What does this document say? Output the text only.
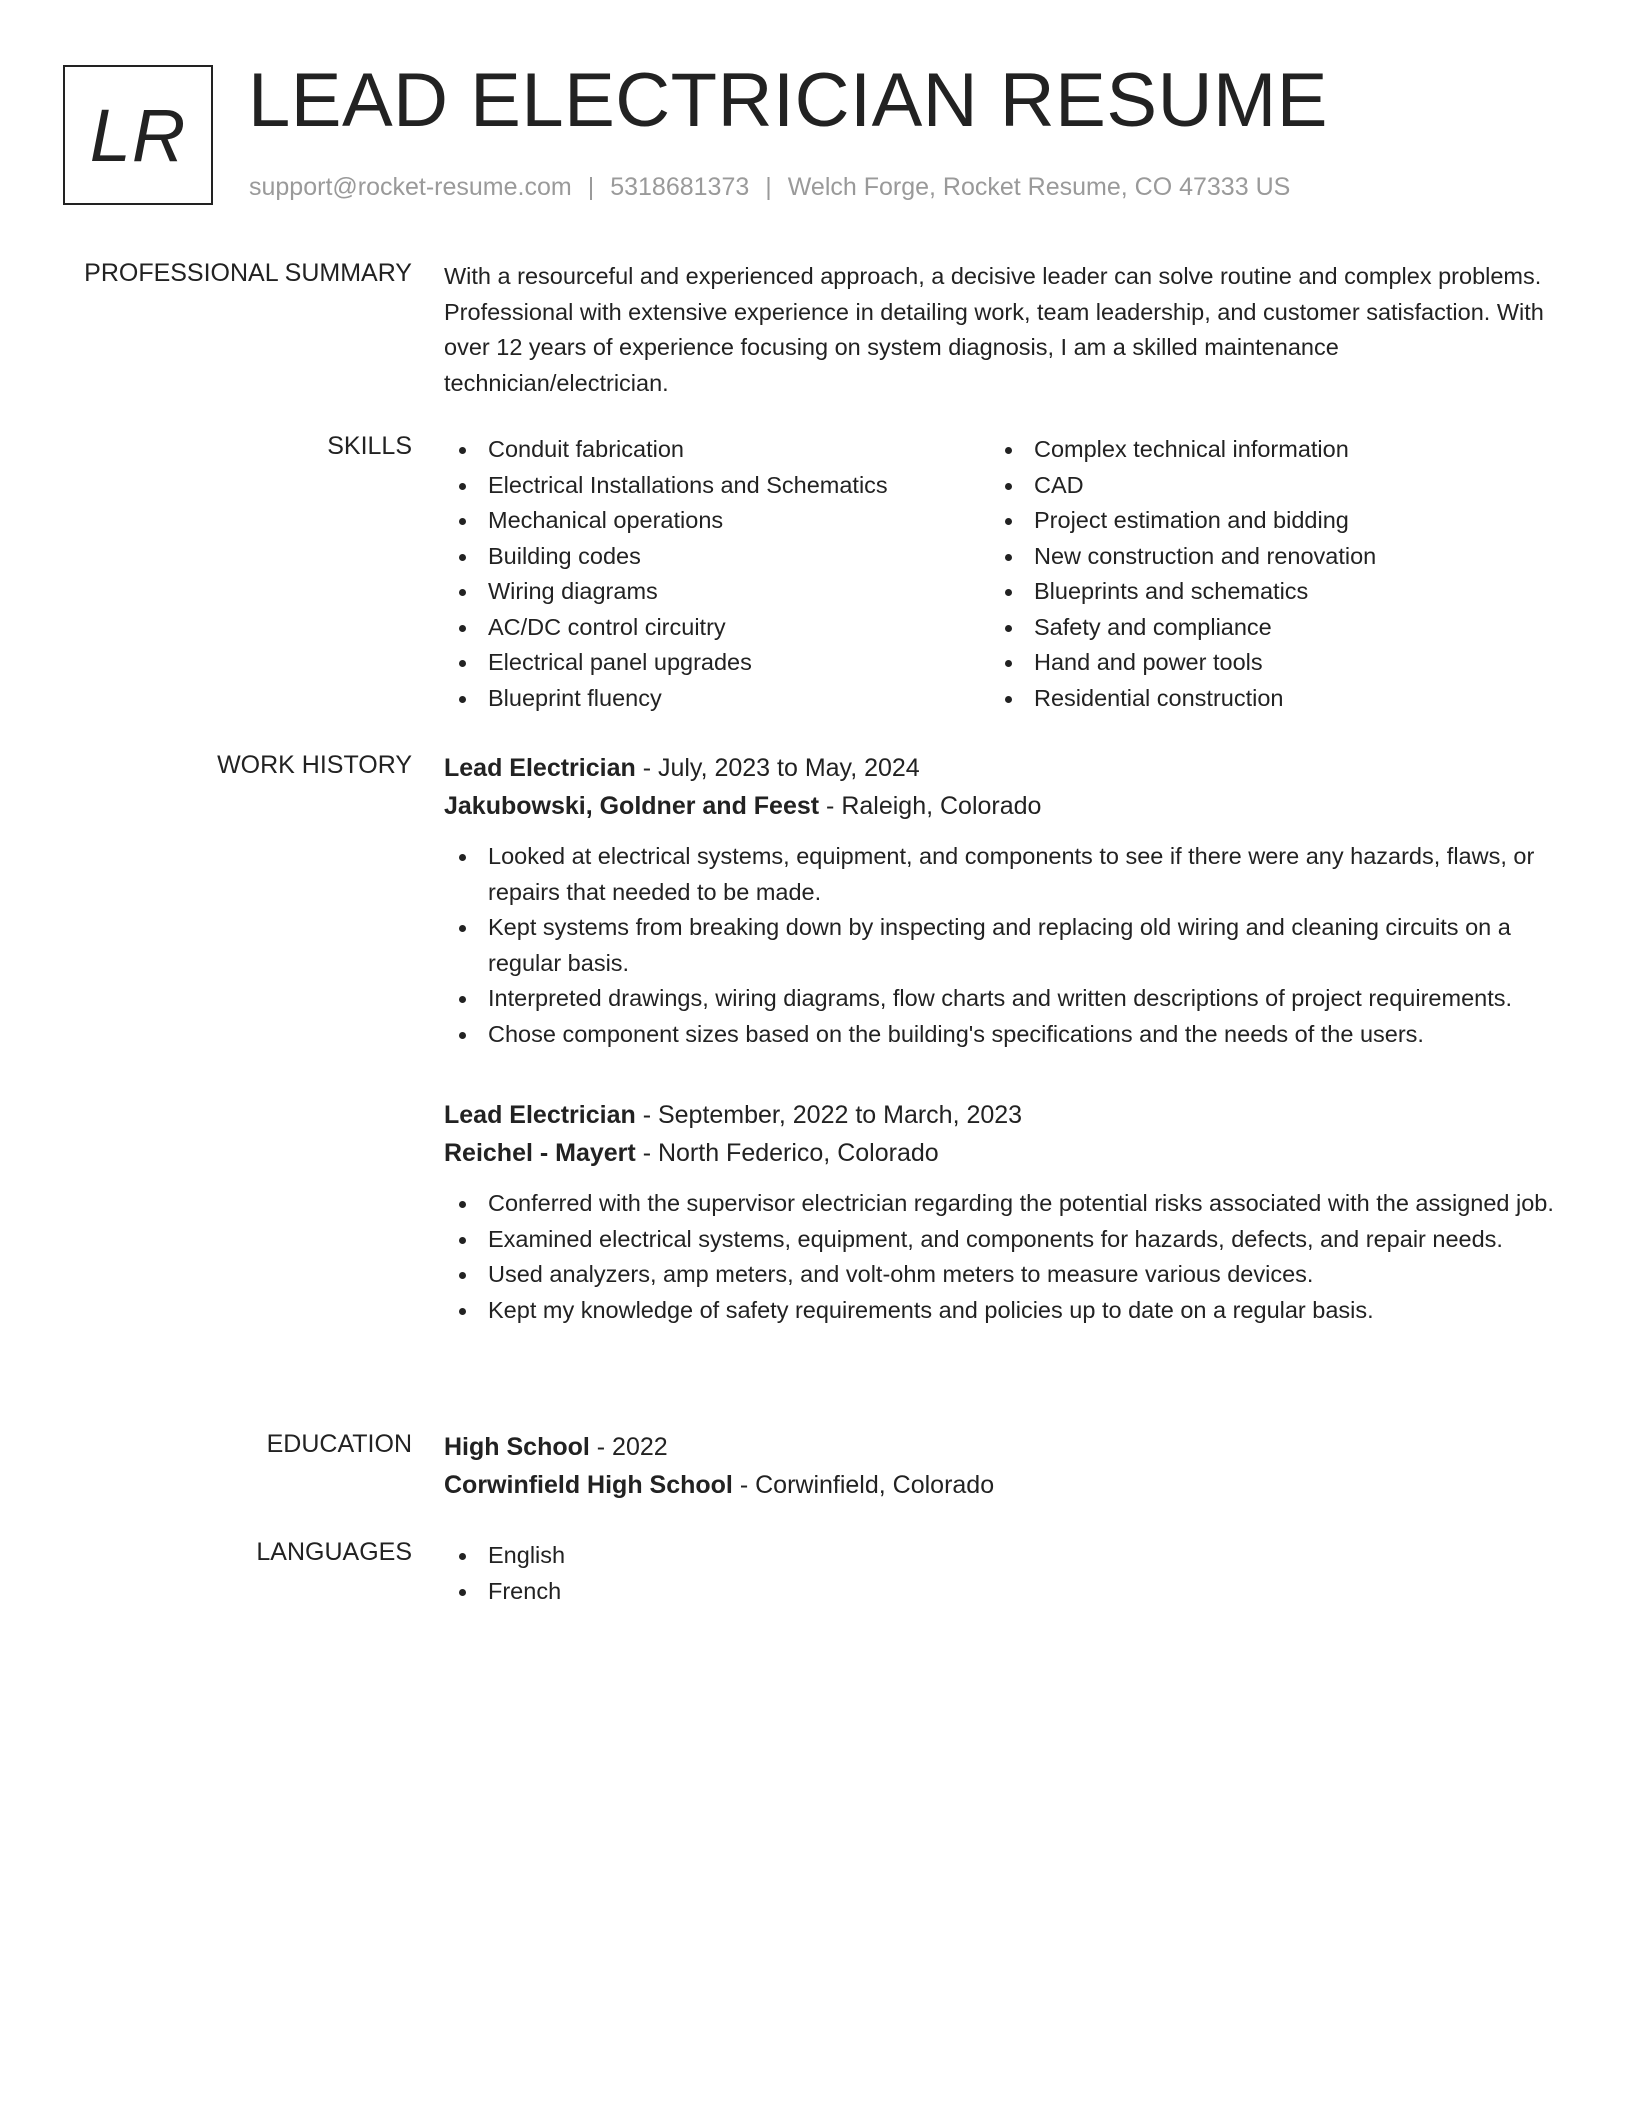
LR LEAD ELECTRICIAN RESUME
support@rocket-resume.com | 5318681373 | Welch Forge, Rocket Resume, CO 47333 US
PROFESSIONAL SUMMARY With a resourceful and experienced approach, a decisive leader can solve routine and complex problems. Professional with extensive experience in detailing work, team leadership, and customer satisfaction. With over 12 years of experience focusing on system diagnosis, I am a skilled maintenance technician/electrician.

SKILLS	Conduit fabrication
Electrical Installations and Schematics
Mechanical operations
Building codes
Wiring diagrams
AC/DC control circuitry
Electrical panel upgrades
Blueprint fluency
Complex technical information
CAD
Project estimation and bidding
New construction and renovation
Blueprints and schematics
Safety and compliance
Hand and power tools
Residential construction
WORK HISTORY Lead Electrician - July, 2023 to May, 2024
Jakubowski, Goldner and Feest - Raleigh, Colorado
Looked at electrical systems, equipment, and components to see if there were any hazards, flaws, or repairs that needed to be made.
Kept systems from breaking down by inspecting and replacing old wiring and cleaning circuits on a regular basis.
Interpreted drawings, wiring diagrams, flow charts and written descriptions of project requirements.
Chose component sizes based on the building's specifications and the needs of the users.
Lead Electrician - September, 2022 to March, 2023
Reichel - Mayert - North Federico, Colorado
Conferred with the supervisor electrician regarding the potential risks associated with the assigned job.
Examined electrical systems, equipment, and components for hazards, defects, and repair needs.
Used analyzers, amp meters, and volt-ohm meters to measure various devices.
Kept my knowledge of safety requirements and policies up to date on a regular basis.
EDUCATION High School - 2022
Corwinfield High School - Corwinfield, Colorado
LANGUAGES	English
French
